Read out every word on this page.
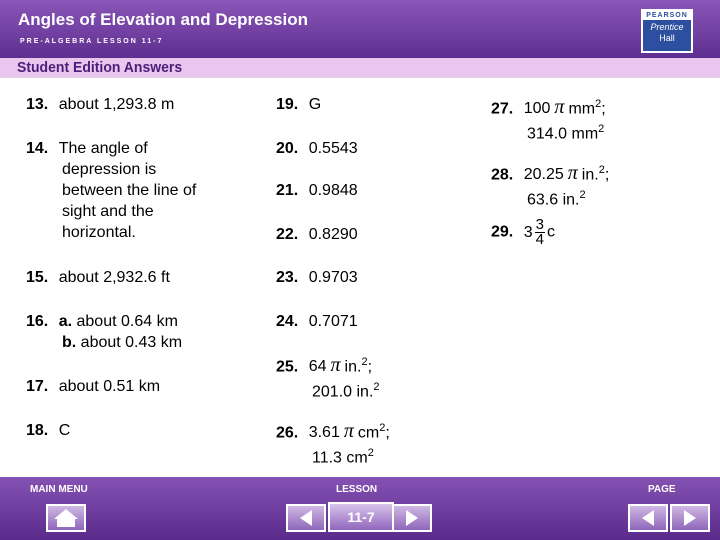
Angles of Elevation and Depression
PRE-ALGEBRA LESSON 11-7
PEARSON
Prentice
Hall
Student Edition Answers
13. about 1,293.8 m
14. The angle of
depression is
between the line of
sight and the
horizontal.
15. about 2,932.6 ft
16. a. about 0.64 km
b. about 0.43 km
17. about 0.51 km
18. C
19. G
20. 0.5543
21. 0.9848
22. 0.8290
23. 0.9703
24. 0.7071
25. 64 π in.$^2$;
201.0 in.$^2$
26. 3.61 π $cm^2$;
11.3 $cm^2$
27. 100 π $mm^2$;
314.0 $mm^2$
28. 20.25 π in.$^2$;
63.6 in.$^2$
29. $3 \frac{3}{4}$ c
MAIN MENU	LESSON	PAGE
11-7
